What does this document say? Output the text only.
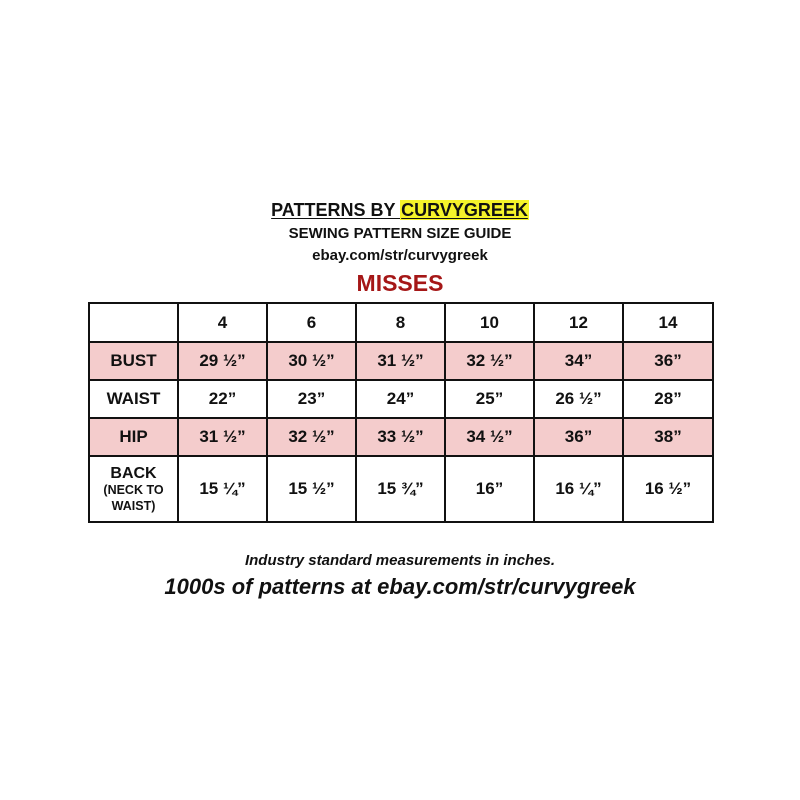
PATTERNS BY CURVYGREEK
SEWING PATTERN SIZE GUIDE
ebay.com/str/curvygreek
MISSES
	4	6	8	10	12	14
BUST	29 ½”	30 ½”	31 ½”	32 ½”	34”	36”
WAIST	22”	23”	24”	25”	26 ½”	28”
HIP	31 ½”	32 ½”	33 ½”	34 ½”	36”	38”

BACK
(NECK TO
WAIST)	15 ¼”	15 ½”	15 ¾”	16”	16 ¼”	16 ½”
Industry standard measurements in inches.
1000s of patterns at ebay.com/str/curvygreek
